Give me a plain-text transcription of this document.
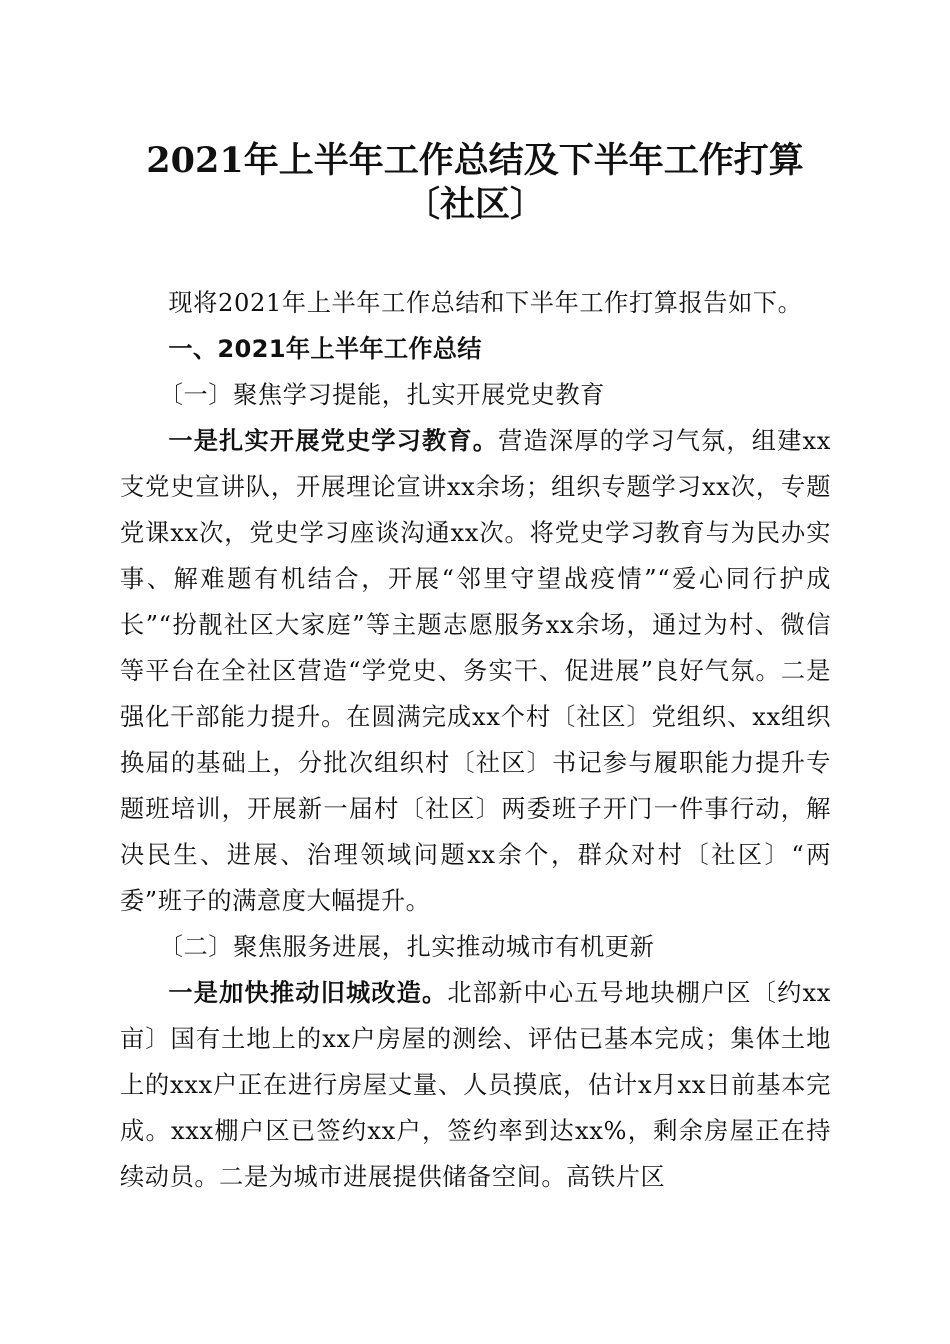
2021年上半年工作总结及下半年工作打算
〔社区〕

现将2021年上半年工作总结和下半年工作打算报告如下。

一、2021年上半年工作总结

〔一〕聚焦学习提能，扎实开展党史教育

一是扎实开展党史学习教育。营造深厚的学习气氛，组建xx支党史宣讲队，开展理论宣讲xx余场；组织专题学习xx次，专题党课xx次，党史学习座谈沟通xx次。将党史学习教育与为民办实事、解难题有机结合，开展“邻里守望战疫情”“爱心同行护成长”“扮靓社区大家庭”等主题志愿服务xx余场，通过为村、微信等平台在全社区营造“学党史、务实干、促进展”良好气氛。二是强化干部能力提升。在圆满完成xx个村〔社区〕党组织、xx组织换届的基础上，分批次组织村〔社区〕书记参与履职能力提升专题班培训，开展新一届村〔社区〕两委班子开门一件事行动，解决民生、进展、治理领域问题xx余个，群众对村〔社区〕“两委”班子的满意度大幅提升。

〔二〕聚焦服务进展，扎实推动城市有机更新

一是加快推动旧城改造。北部新中心五号地块棚户区〔约xx亩〕国有土地上的xx户房屋的测绘、评估已基本完成；集体土地上的xxx户正在进行房屋丈量、人员摸底，估计x月xx日前基本完成。xxx棚户区已签约xx户，签约率到达xx%，剩余房屋正在持续动员。二是为城市进展提供储备空间。高铁片区
